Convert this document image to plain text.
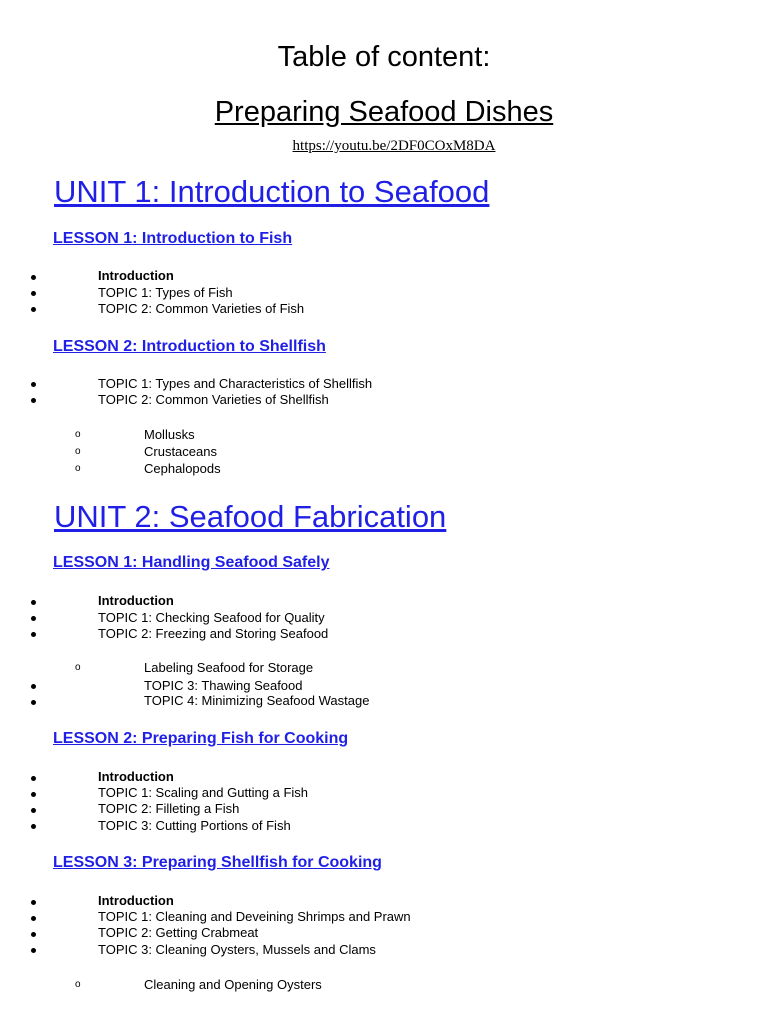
Table of content:
Preparing Seafood Dishes
https://youtu.be/2DF0COxM8DA
UNIT 1: Introduction to Seafood
LESSON 1: Introduction to Fish
Introduction
TOPIC 1: Types of Fish
TOPIC 2: Common Varieties of Fish
LESSON 2: Introduction to Shellfish
TOPIC 1: Types and Characteristics of Shellfish
TOPIC 2: Common Varieties of Shellfish
o	Mollusks
o	Crustaceans
o	Cephalopods
UNIT 2: Seafood Fabrication
LESSON 1: Handling Seafood Safely
Introduction
TOPIC 1: Checking Seafood for Quality
TOPIC 2: Freezing and Storing Seafood
o	Labeling Seafood for Storage
TOPIC 3: Thawing Seafood
TOPIC 4: Minimizing Seafood Wastage
LESSON 2: Preparing Fish for Cooking
Introduction
TOPIC 1: Scaling and Gutting a Fish
TOPIC 2: Filleting a Fish
TOPIC 3: Cutting Portions of Fish
LESSON 3: Preparing Shellfish for Cooking
Introduction
TOPIC 1: Cleaning and Deveining Shrimps and Prawn
TOPIC 2: Getting Crabmeat
TOPIC 3: Cleaning Oysters, Mussels and Clams
o	Cleaning and Opening Oysters
